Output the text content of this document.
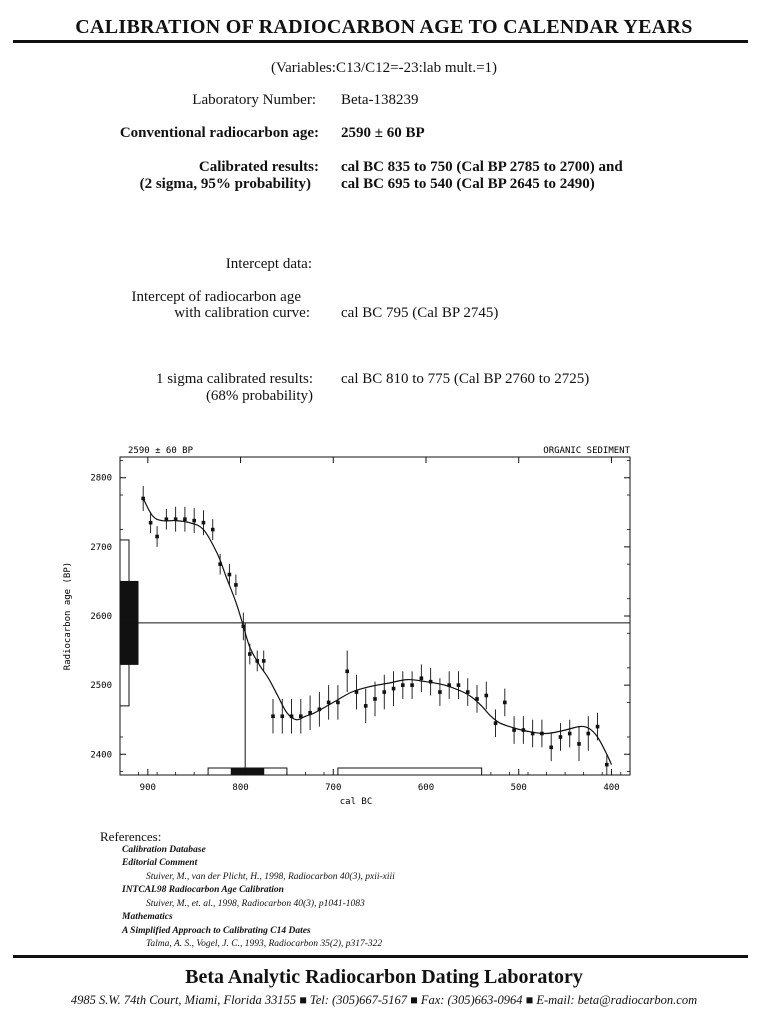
CALIBRATION OF RADIOCARBON AGE TO CALENDAR YEARS
(Variables:C13/C12=-23:lab mult.=1)
Laboratory Number: Beta-138239
Conventional radiocarbon age: 2590 ± 60 BP
Calibrated results:
(2 sigma, 95% probability)
cal BC 835 to 750 (Cal BP 2785 to 2700) and
cal BC 695 to 540 (Cal BP 2645 to 2490)
Intercept data:
Intercept of radiocarbon age
with calibration curve: cal BC 795 (Cal BP 2745)
1 sigma calibrated results:
(68% probability)
cal BC 810 to 775 (Cal BP 2760 to 2725)
2590 ± 60 BP	ORGANIC SEDIMENT
900	800	700	600	500	400
2800
2700
2600
2500
2400
cal BC
Radiocarbon age (BP)
References:
Calibration Database
Editorial Comment
Stuiver, M., van der Plicht, H., 1998, Radiocarbon 40(3), pxii-xiii
INTCAL98 Radiocarbon Age Calibration
Stuiver, M., et. al., 1998, Radiocarbon 40(3), p1041-1083
Mathematics
A Simplified Approach to Calibrating C14 Dates
Talma, A. S., Vogel, J. C., 1993, Radiocarbon 35(2), p317-322
Beta Analytic Radiocarbon Dating Laboratory
4985 S.W. 74th Court, Miami, Florida 33155 ■ Tel: (305)667-5167 ■ Fax: (305)663-0964 ■ E-mail: beta@radiocarbon.com
